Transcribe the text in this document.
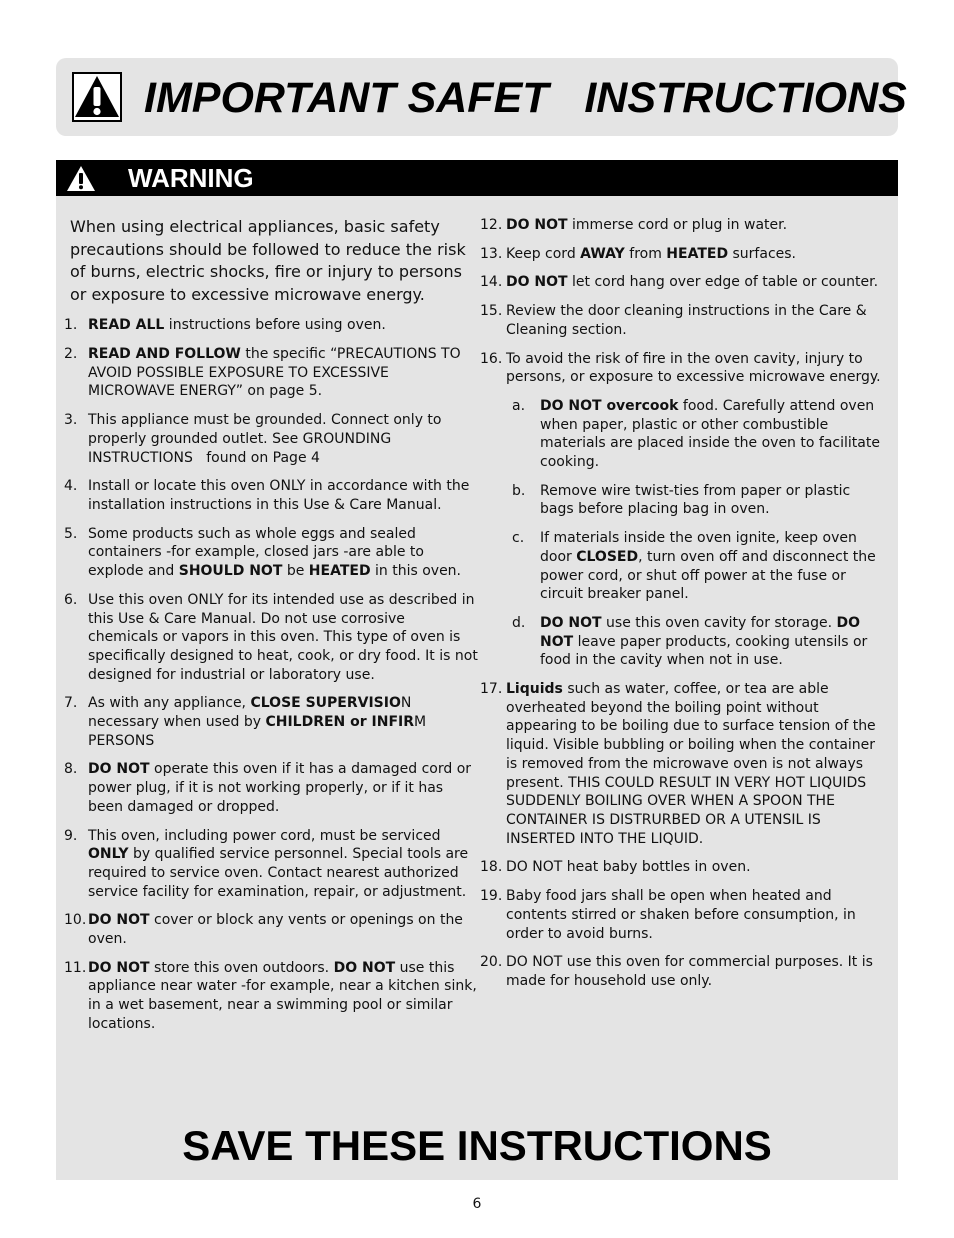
IMPORTANT SAFET   INSTRUCTIONS
WARNING

When using electrical appliances, basic safety precautions should be followed to reduce the risk of burns, electric shocks, fire or injury to persons or exposure to excessive microwave energy.

1. READ ALL instructions before using oven.
2. READ AND FOLLOW the specific “PRECAUTIONS TO AVOID POSSIBLE EXPOSURE TO EXCESSIVE MICROWAVE ENERGY” on page 5.
3. This appliance must be grounded. Connect only to properly grounded outlet. See GROUNDING INSTRUCTIONS   found on Page 4
4. Install or locate this oven ONLY in accordance with the installation instructions in this Use & Care Manual.
5. Some products such as whole eggs and sealed containers -for example, closed jars -are able to explode and SHOULD NOT be HEATED in this oven.
6. Use this oven ONLY for its intended use as described in this Use & Care Manual. Do not use corrosive chemicals or vapors in this oven. This type of oven is specifically designed to heat, cook, or dry food. It is not designed for industrial or laboratory use.
7. As with any appliance, CLOSE SUPERVISION necessary when used by CHILDREN or INFIRM PERSONS
8. DO NOT operate this oven if it has a damaged cord or power plug, if it is not working properly, or if it has been damaged or dropped.
9. This oven, including power cord, must be serviced ONLY by qualified service personnel. Special tools are required to service oven. Contact nearest authorized service facility for examination, repair, or adjustment.
10. DO NOT cover or block any vents or openings on the oven.
11. DO NOT store this oven outdoors. DO NOT use this appliance near water -for example, near a kitchen sink, in a wet basement, near a swimming pool or similar locations.
12. DO NOT immerse cord or plug in water.
13. Keep cord AWAY from HEATED surfaces.
14. DO NOT let cord hang over edge of table or counter.
15. Review the door cleaning instructions in the Care & Cleaning section.
16. To avoid the risk of fire in the oven cavity, injury to persons, or exposure to excessive microwave energy.
a. DO NOT overcook food. Carefully attend oven when paper, plastic or other combustible materials are placed inside the oven to facilitate cooking.
b. Remove wire twist-ties from paper or plastic bags before placing bag in oven.
c. If materials inside the oven ignite, keep oven door CLOSED, turn oven off and disconnect the power cord, or shut off power at the fuse or circuit breaker panel.
d. DO NOT use this oven cavity for storage. DO NOT leave paper products, cooking utensils or food in the cavity when not in use.
17. Liquids such as water, coffee, or tea are able overheated beyond the boiling point without appearing to be boiling due to surface tension of the liquid. Visible bubbling or boiling when the container is removed from the microwave oven is not always present. THIS COULD RESULT IN VERY HOT LIQUIDS SUDDENLY BOILING OVER WHEN A SPOON THE CONTAINER IS DISTRURBED OR A UTENSIL IS INSERTED INTO THE LIQUID.
18. DO NOT heat baby bottles in oven.
19. Baby food jars shall be open when heated and contents stirred or shaken before consumption, in order to avoid burns.
20. DO NOT use this oven for commercial purposes. It is made for household use only.
SAVE THESE INSTRUCTIONS
6
